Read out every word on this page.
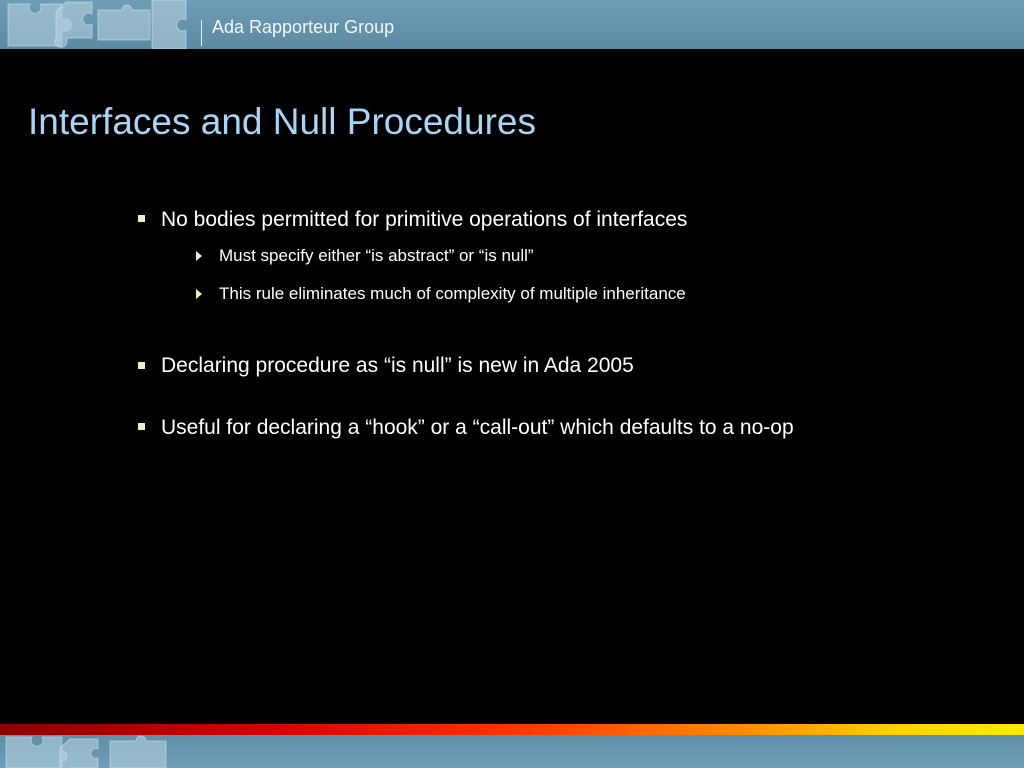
Ada Rapporteur Group
Interfaces and Null Procedures
No bodies permitted for primitive operations of interfaces
Must specify either “is abstract” or “is null”
This rule eliminates much of complexity of multiple inheritance
Declaring procedure as “is null” is new in Ada 2005
Useful for declaring a “hook” or a “call-out” which defaults to a no-op
